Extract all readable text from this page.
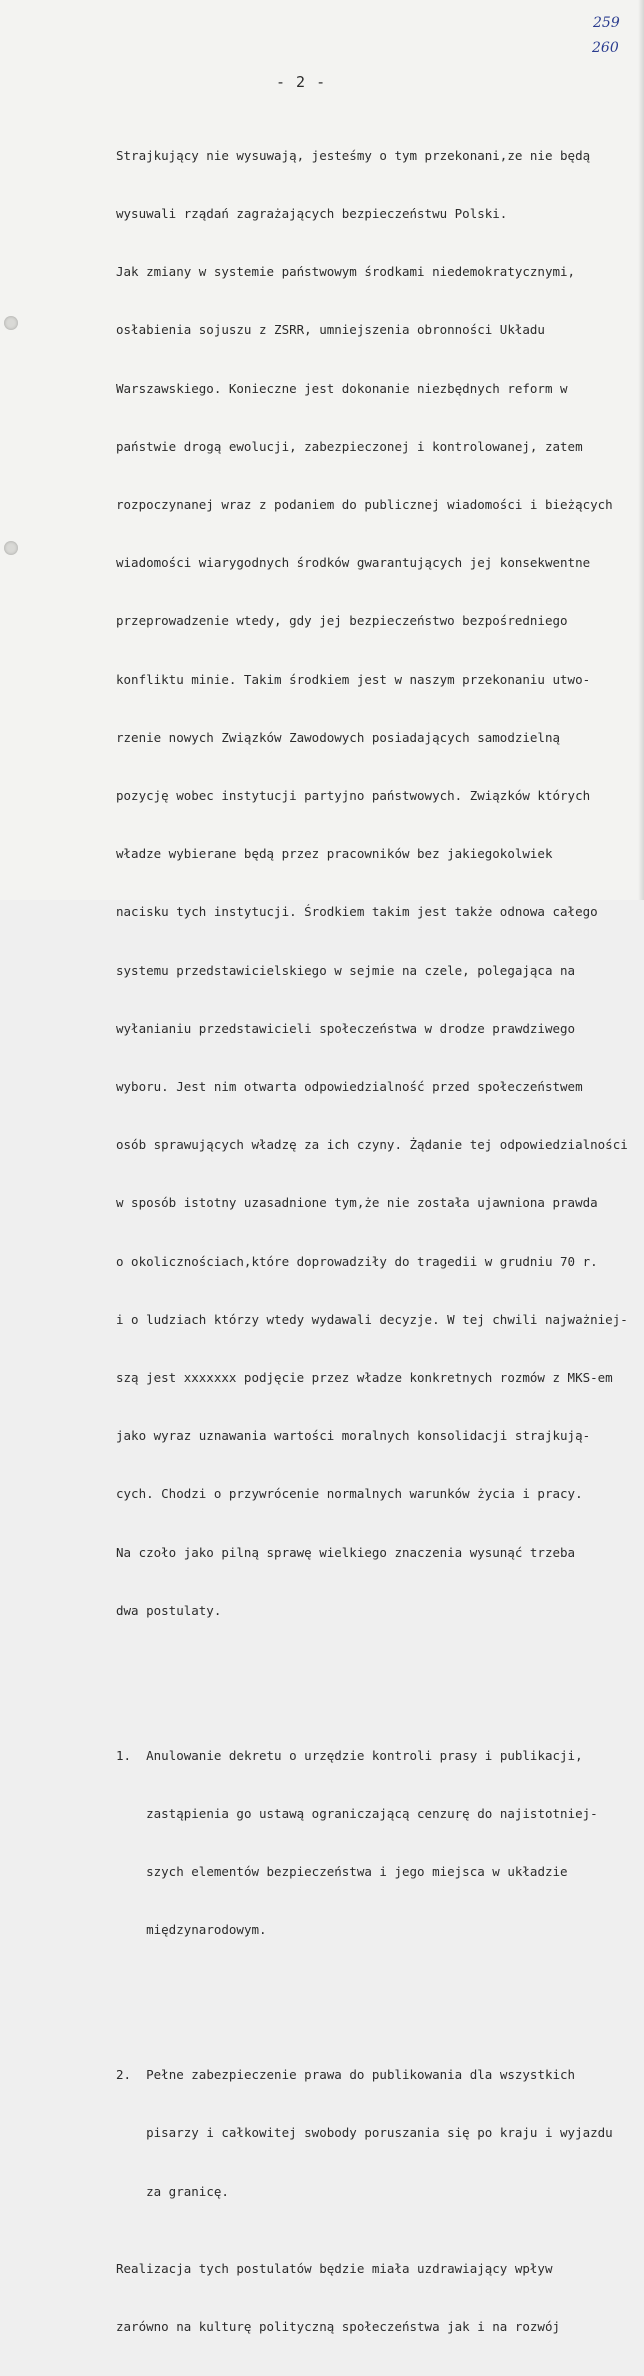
259
260
- 2 -

Strajkujący nie wysuwają, jesteśmy o tym przekonani,ze nie będą

wysuwali rządań zagrażających bezpieczeństwu Polski.

Jak zmiany w systemie państwowym środkami niedemokratycznymi,

osłabienia sojuszu z ZSRR, umniejszenia obronności Układu

Warszawskiego. Konieczne jest dokonanie niezbędnych reform w

państwie drogą ewolucji, zabezpieczonej i kontrolowanej, zatem

rozpoczynanej wraz z podaniem do publicznej wiadomości i bieżących

wiadomości wiarygodnych środków gwarantujących jej konsekwentne

przeprowadzenie wtedy, gdy jej bezpieczeństwo bezpośredniego

konfliktu minie. Takim środkiem jest w naszym przekonaniu utwo-

rzenie nowych Związków Zawodowych posiadających samodzielną

pozycję wobec instytucji partyjno państwowych. Związków których

władze wybierane będą przez pracowników bez jakiegokolwiek

nacisku tych instytucji. Środkiem takim jest także odnowa całego

systemu przedstawicielskiego w sejmie na czele, polegająca na

wyłanianiu przedstawicieli społeczeństwa w drodze prawdziwego

wyboru. Jest nim otwarta odpowiedzialność przed społeczeństwem

osób sprawujących władzę za ich czyny. Żądanie tej odpowiedzialności

w sposób istotny uzasadnione tym,że nie została ujawniona prawda

o okolicznościach,które doprowadziły do tragedii w grudniu 70 r.

i o ludziach którzy wtedy wydawali decyzje. W tej chwili najważniej-

szą jest xxxxxxx podjęcie przez władze konkretnych rozmów z MKS-em

jako wyraz uznawania wartości moralnych konsolidacji strajkują-

cych. Chodzi o przywrócenie normalnych warunków życia i pracy.

Na czoło jako pilną sprawę wielkiego znaczenia wysunąć trzeba

dwa postulaty.

1. Anulowanie dekretu o urzędzie kontroli prasy i publikacji,

zastąpienia go ustawą ograniczającą cenzurę do najistotniej-

szych elementów bezpieczeństwa i jego miejsca w układzie

międzynarodowym.

2. Pełne zabezpieczenie prawa do publikowania dla wszystkich

pisarzy i całkowitej swobody poruszania się po kraju i wyjazdu

za granicę.

Realizacja tych postulatów będzie miała uzdrawiający wpływ

zarówno na kulturę polityczną społeczeństwa jak i na rozwój
